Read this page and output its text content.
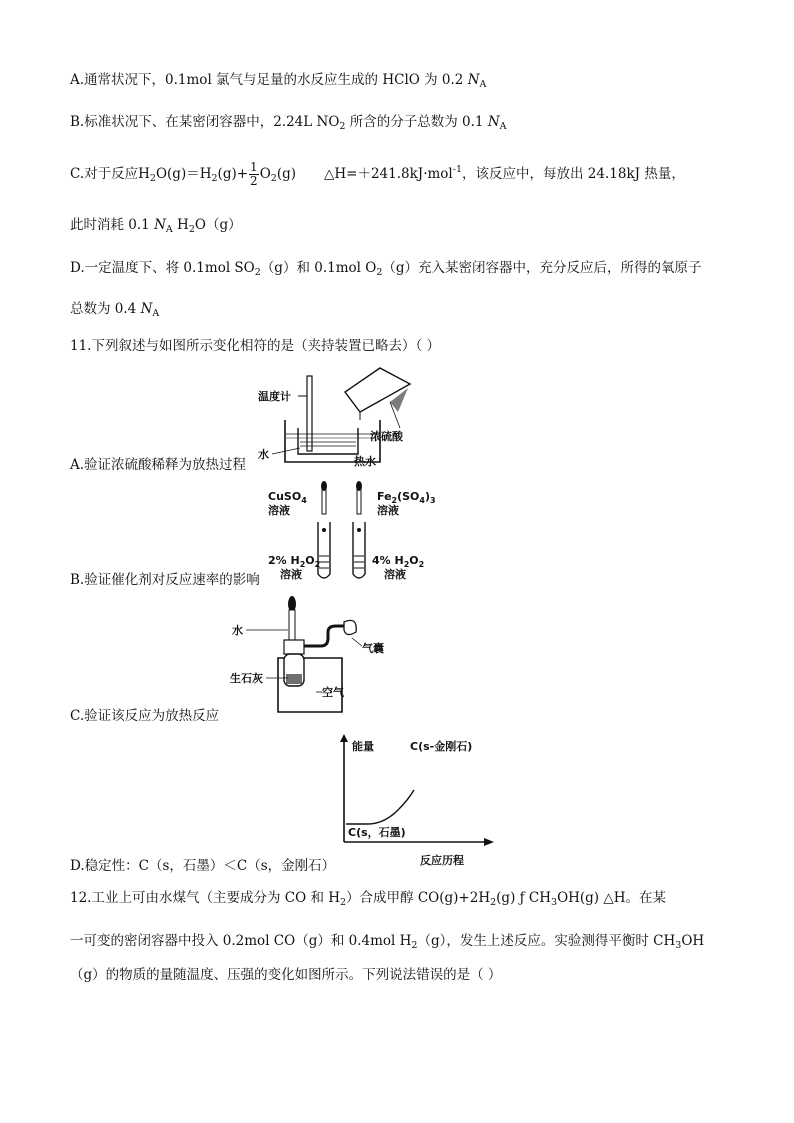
A.通常状况下，0.1mol 氯气与足量的水反应生成的 HClO 为 0.2 $N_A$
B.标准状况下、在某密闭容器中，2.24L $NO_2$ 所含的分子总数为 0.1 $N_A$
C.对于反应$H_2O(g)=H_2(g)+ \frac{1}{2} O_2(g)$ △H=＋241.8kJ·mol$^{-1}$，该反应中，每放出 24.18kJ 热量，
此时消耗 0.1 $N_A$ $H_2O(g)$
D.一定温度下、将 0.1mol $SO_2(g)$和 0.1mol $O_2(g)$充入某密闭容器中，充分反应后，所得的氧原子
总数为 0.4 $N_A$
11.下列叙述与如图所示变化相符的是（夹持装置已略去）（ ）
温度计
浓硫酸
水
热水
A.验证浓硫酸稀释为放热过程
CuSO$_4$
溶液
$Fe_2(SO_4)_3$
溶液
2% $H_2O_2$
溶液
4% $H_2O_2$
溶液
B.验证催化剂对反应速率的影响
水
气囊
生石灰
空气
C.验证该反应为放热反应
能量	C(s-金刚石)
C(s，石墨)
反应历程
D.稳定性：C（s，石墨）＜C（s，金刚石）
12.工业上可由水煤气（主要成分为 CO 和 $H_2$）合成甲醇 $CO(g)+2H_2(g)$ ƒ $CH_3OH(g)$ △H。在某
一可变的密闭容器中投入 0.2mol CO（g）和 0.4mol $H_2(g)$，发生上述反应。实验测得平衡时 $CH_3OH$
（g）的物质的量随温度、压强的变化如图所示。下列说法错误的是（ ）
